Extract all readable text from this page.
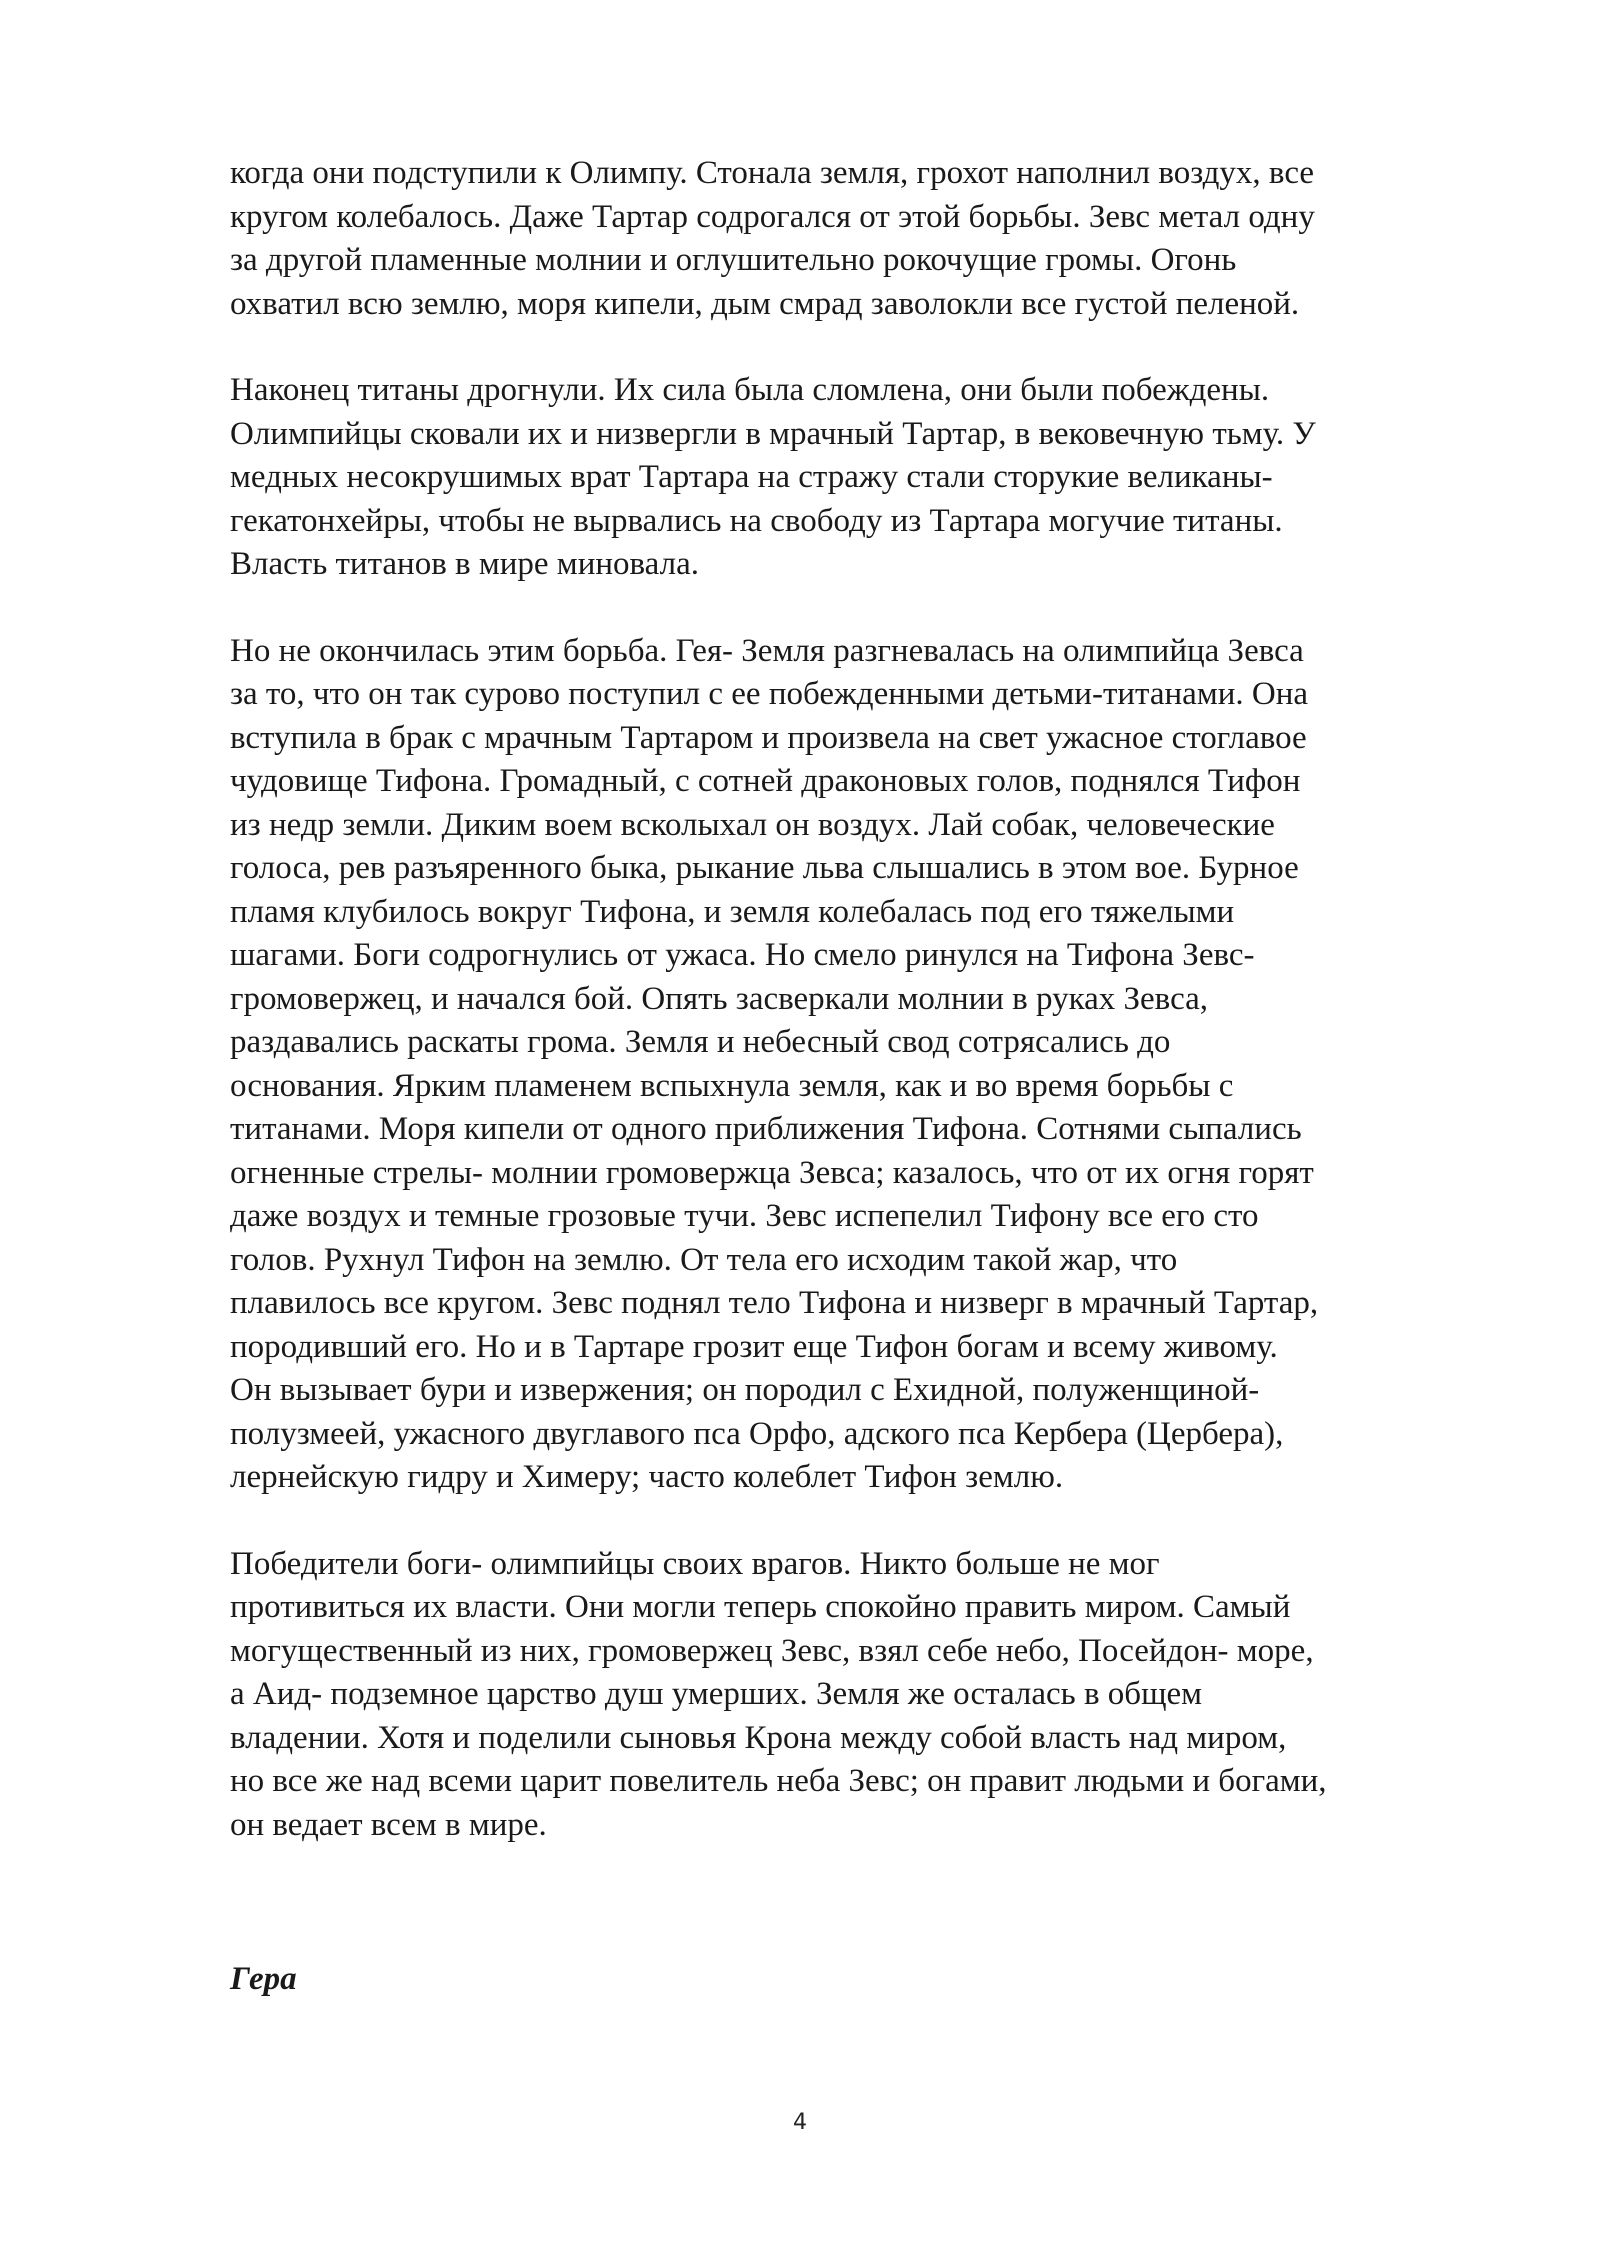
когда они подступили к Олимпу. Стонала земля, грохот наполнил воздух, все
кругом колебалось. Даже Тартар содрогался от этой борьбы. Зевс метал одну
за другой пламенные молнии и оглушительно рокочущие громы. Огонь
охватил всю землю, моря кипели, дым смрад заволокли все густой пеленой.

Наконец титаны дрогнули. Их сила была сломлена, они были побеждены.
Олимпийцы сковали их и низвергли в мрачный Тартар, в вековечную тьму. У
медных несокрушимых врат Тартара на стражу стали сторукие великаны-
гекатонхейры, чтобы не вырвались на свободу из Тартара могучие титаны.
Власть титанов в мире миновала.

Но не окончилась этим борьба. Гея- Земля разгневалась на олимпийца Зевса
за то, что он так сурово поступил с ее побежденными детьми-титанами. Она
вступила в брак с мрачным Тартаром и произвела на свет ужасное стоглавое
чудовище Тифона. Громадный, с сотней драконовых голов, поднялся Тифон
из недр земли. Диким воем всколыхал он воздух. Лай собак, человеческие
голоса, рев разъяренного быка, рыкание льва слышались в этом вое. Бурное
пламя клубилось вокруг Тифона, и земля колебалась под его тяжелыми
шагами. Боги содрогнулись от ужаса. Но смело ринулся на Тифона Зевс-
громовержец, и начался бой. Опять засверкали молнии в руках Зевса,
раздавались раскаты грома. Земля и небесный свод сотрясались до
основания. Ярким пламенем вспыхнула земля, как и во время борьбы с
титанами. Моря кипели от одного приближения Тифона. Сотнями сыпались
огненные стрелы- молнии громовержца Зевса; казалось, что от их огня горят
даже воздух и темные грозовые тучи. Зевс испепелил Тифону все его сто
голов. Рухнул Тифон на землю. От тела его исходим такой жар, что
плавилось все кругом. Зевс поднял тело Тифона и низверг в мрачный Тартар,
породивший его. Но и в Тартаре грозит еще Тифон богам и всему живому.
Он вызывает бури и извержения; он породил с Ехидной, полуженщиной-
полузмеей, ужасного двуглавого пса Орфо, адского пса Кербера (Цербера),
лернейскую гидру и Химеру; часто колеблет Тифон землю.

Победители боги- олимпийцы своих врагов. Никто больше не мог
противиться их власти. Они могли теперь спокойно править миром. Самый
могущественный из них, громовержец Зевс, взял себе небо, Посейдон- море,
а Аид- подземное царство душ умерших. Земля же осталась в общем
владении. Хотя и поделили сыновья Крона между собой власть над миром,
но все же над всеми царит повелитель неба Зевс; он правит людьми и богами,
он ведает всем в мире.

Гера
4
